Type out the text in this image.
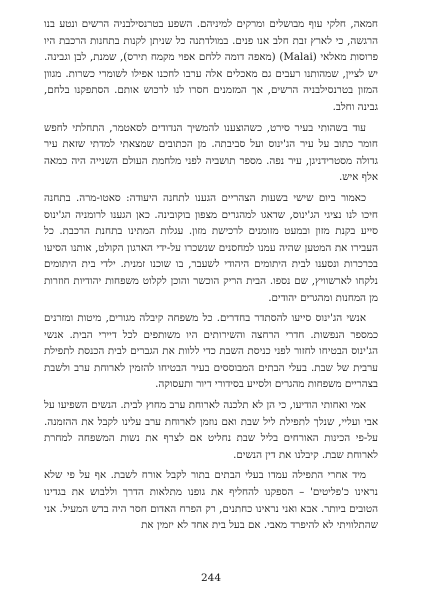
חמאה, חלקי עוף מבושלים ומרקים למיניהם. השפע בטרנסילבניה הרשים ונטע בנו הרגשה, כי לארץ זבת חלב אנו פנים. במולדתנה כל שניתן לקנות בתחנות הרכבת היו פרוסות מאלאי (Malai) (מאפה דומה ללחם אפוי מקמח תירס), שמנת, לבן וגבינה. יש לציין, שמהותנו רעבים גם מאכלים אלה ערבו לחכנו אפילו לשומרי כשרות. מגוון המזון בטרנסילבניה הרשים, אך המזמנים חסרו לנו לרכוש אותם. הסתפקנו בלחם, גבינה וחלב.

עוד בשהותי בעיר סירט, כשהוצענו להמשיך הנדודים לסאטמר, התחלתי לחפש חומר כתוב על עיר הג'ינוס ועל סביבתה. מן הכתובים שמצאתי למדתי שזאת עיר גדולה מסטרידניגן, עיר נפה. מספר תושביה לפני מלחמת העולם השנייה היה כמאה אלף איש.

כאמור ביום שישי בשעות הצהריים הגענו לתחנה היעודה: סאטו-מרה. בתחנה חיכו לנו נציגי הג'ינוס, שדאגו למהגרים מצפון בוקובינה. כאן הגענו לרומניה הג'ינוס סייע בקנת מזון ובמעט מזומנים לרכישת מזון. עגלות המתינו בתחנת הרכבת. כל העבירו את המטען שהיה עמנו למחסנים שנשכרו על-ידי הארגון הקולט, אותנו הסיעו בכרכרות ונסענו לבית היתומים היהודי לשעבר, בו שוכנו זמנית. ילדי בית היתומים נלקחו לארשוויץ, שם נספו. הבית הריק הוכשר והוכן לקלוט משפחות יהודיות חוזרות מן המחנות ומהגרים יהודים.

אנשי הג'ינוס סייעו להסתדר בחדרים. כל משפחה קיבלה מגורים, מיטות ומזרנים כמספר הנפשות. חדרי הרחצה והשירותים היו משותפים לכל דיירי הבית. אנשי הג'ינוס הבטיחו לחזור לפני כניסת השבת כדי ללוות את הגברים לבית הכנסת לתפילת ערבית של שבת. בעלי הבתים המבוססים בעיר הבטיחו להזמין לארוחת ערב ולשבת בצהריים משפחות מהגרים ולסייע בסידורי דיור ותעסוקה.

אמי ואחותי הודיעו, כי הן לא תלכנה לארוחת ערב מחוץ לבית. הנשים השפיעו על אבי ועליי, שנלך לתפילת ליל שבת ואם נוזמן לארוחת ערב עלינו לקבל את ההזמנה. על-פי הכינות האורחים בליל שבת נחליט אם לצרף את נשות המשפחה למחרת לארוחת שבת. קיבלנו את דין הנשים.

מיד אחרי התפילה עמדו בעלי הבתים בתור לקבל אורח לשבת. אף על פי שלא נראינו כ'פליטים' – הספקנו להחליף את גופנו מתלאות הדרך וללבוש את בגדינו הטובים ביותר. אבא ואני נראינו כחתנים, רק הפרח האדום חסר היה בדש המעיל. אני שהתלוויתי לא להיפרד מאבי. אם בעל בית אחד לא יזמין את

244
